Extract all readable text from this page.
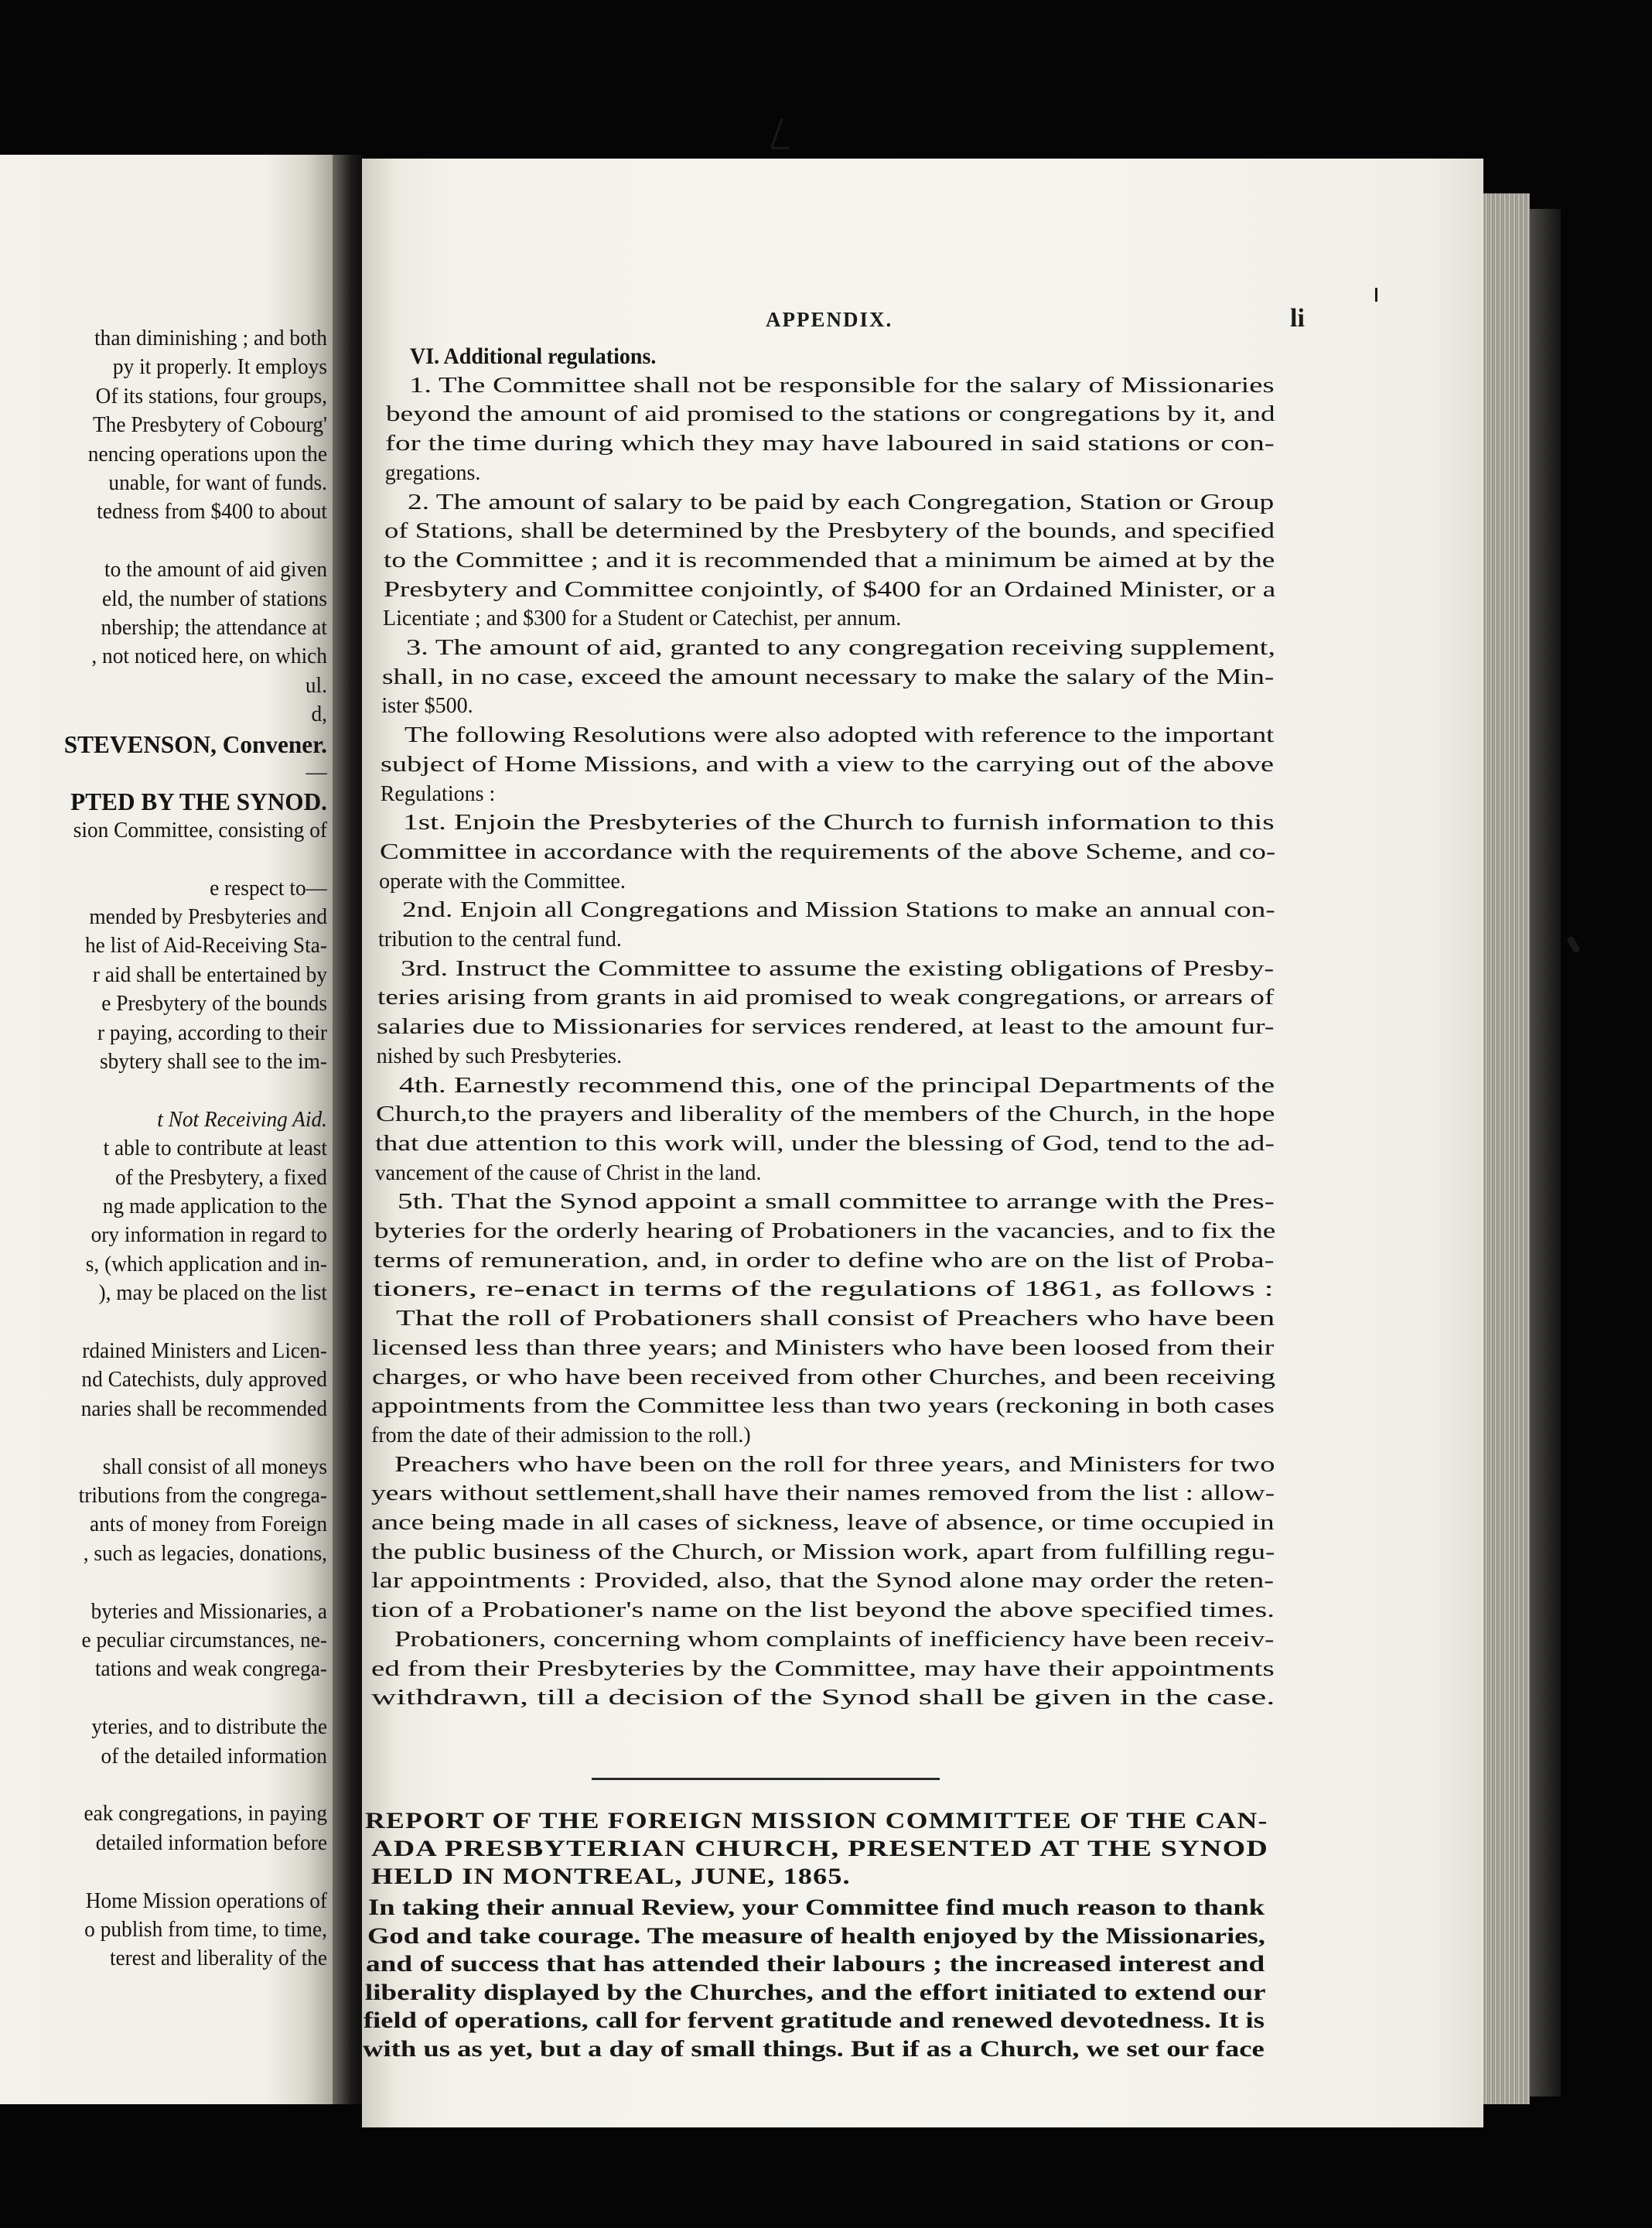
than diminishing ; and both
py it properly. It employs
Of its stations, four groups,
The Presbytery of Cobourg'
nencing operations upon the
unable, for want of funds.
tedness from $400 to about
to the amount of aid given
eld, the number of stations
nbership; the attendance at
, not noticed here, on which
ul.
d,
STEVENSON, Convener.
—
PTED BY THE SYNOD.
sion Committee, consisting of
e respect to—
mended by Presbyteries and
he list of Aid-Receiving Sta-
r aid shall be entertained by
e Presbytery of the bounds
r paying, according to their
sbytery shall see to the im-
t Not Receiving Aid.
t able to contribute at least
of the Presbytery, a fixed
ng made application to the
ory information in regard to
s, (which application and in-
), may be placed on the list
rdained Ministers and Licen-
nd Catechists, duly approved
naries shall be recommended
shall consist of all moneys
tributions from the congrega-
ants of money from Foreign
, such as legacies, donations,
byteries and Missionaries, a
e peculiar circumstances, ne-
tations and weak congrega-
yteries, and to distribute the
of the detailed information
eak congregations, in paying
detailed information before
Home Mission operations of
o publish from time, to time,
terest and liberality of the
APPENDIX.	li
VI. Additional regulations.
1. The Committee shall not be responsible for the salary of Missionaries
beyond the amount of aid promised to the stations or congregations by it, and
for the time during which they may have laboured in said stations or con-
gregations.
2. The amount of salary to be paid by each Congregation, Station or Group
of Stations, shall be determined by the Presbytery of the bounds, and specified
to the Committee ; and it is recommended that a minimum be aimed at by the
Presbytery and Committee conjointly, of $400 for an Ordained Minister, or a
Licentiate ; and $300 for a Student or Catechist, per annum.
3. The amount of aid, granted to any congregation receiving supplement,
shall, in no case, exceed the amount necessary to make the salary of the Min-
ister $500.
The following Resolutions were also adopted with reference to the important
subject of Home Missions, and with a view to the carrying out of the above
Regulations :
1st. Enjoin the Presbyteries of the Church to furnish information to this
Committee in accordance with the requirements of the above Scheme, and co-
operate with the Committee.
2nd. Enjoin all Congregations and Mission Stations to make an annual con-
tribution to the central fund.
3rd. Instruct the Committee to assume the existing obligations of Presby-
teries arising from grants in aid promised to weak congregations, or arrears of
salaries due to Missionaries for services rendered, at least to the amount fur-
nished by such Presbyteries.
4th. Earnestly recommend this, one of the principal Departments of the
Church,to the prayers and liberality of the members of the Church, in the hope
that due attention to this work will, under the blessing of God, tend to the ad-
vancement of the cause of Christ in the land.
5th. That the Synod appoint a small committee to arrange with the Pres-
byteries for the orderly hearing of Probationers in the vacancies, and to fix the
terms of remuneration, and, in order to define who are on the list of Proba-
tioners, re-enact in terms of the regulations of 1861, as follows :
That the roll of Probationers shall consist of Preachers who have been
licensed less than three years; and Ministers who have been loosed from their
charges, or who have been received from other Churches, and been receiving
appointments from the Committee less than two years (reckoning in both cases
from the date of their admission to the roll.)
Preachers who have been on the roll for three years, and Ministers for two
years without settlement,shall have their names removed from the list : allow-
ance being made in all cases of sickness, leave of absence, or time occupied in
the public business of the Church, or Mission work, apart from fulfilling regu-
lar appointments : Provided, also, that the Synod alone may order the reten-
tion of a Probationer's name on the list beyond the above specified times.
Probationers, concerning whom complaints of inefficiency have been receiv-
ed from their Presbyteries by the Committee, may have their appointments
withdrawn, till a decision of the Synod shall be given in the case.
REPORT OF THE FOREIGN MISSION COMMITTEE OF THE CAN-
ADA PRESBYTERIAN CHURCH, PRESENTED AT THE SYNOD
HELD IN MONTREAL, JUNE, 1865.
In taking their annual Review, your Committee find much reason to thank
God and take courage. The measure of health enjoyed by the Missionaries,
and of success that has attended their labours ; the increased interest and
liberality displayed by the Churches, and the effort initiated to extend our
field of operations, call for fervent gratitude and renewed devotedness. It is
with us as yet, but a day of small things. But if as a Church, we set our face
